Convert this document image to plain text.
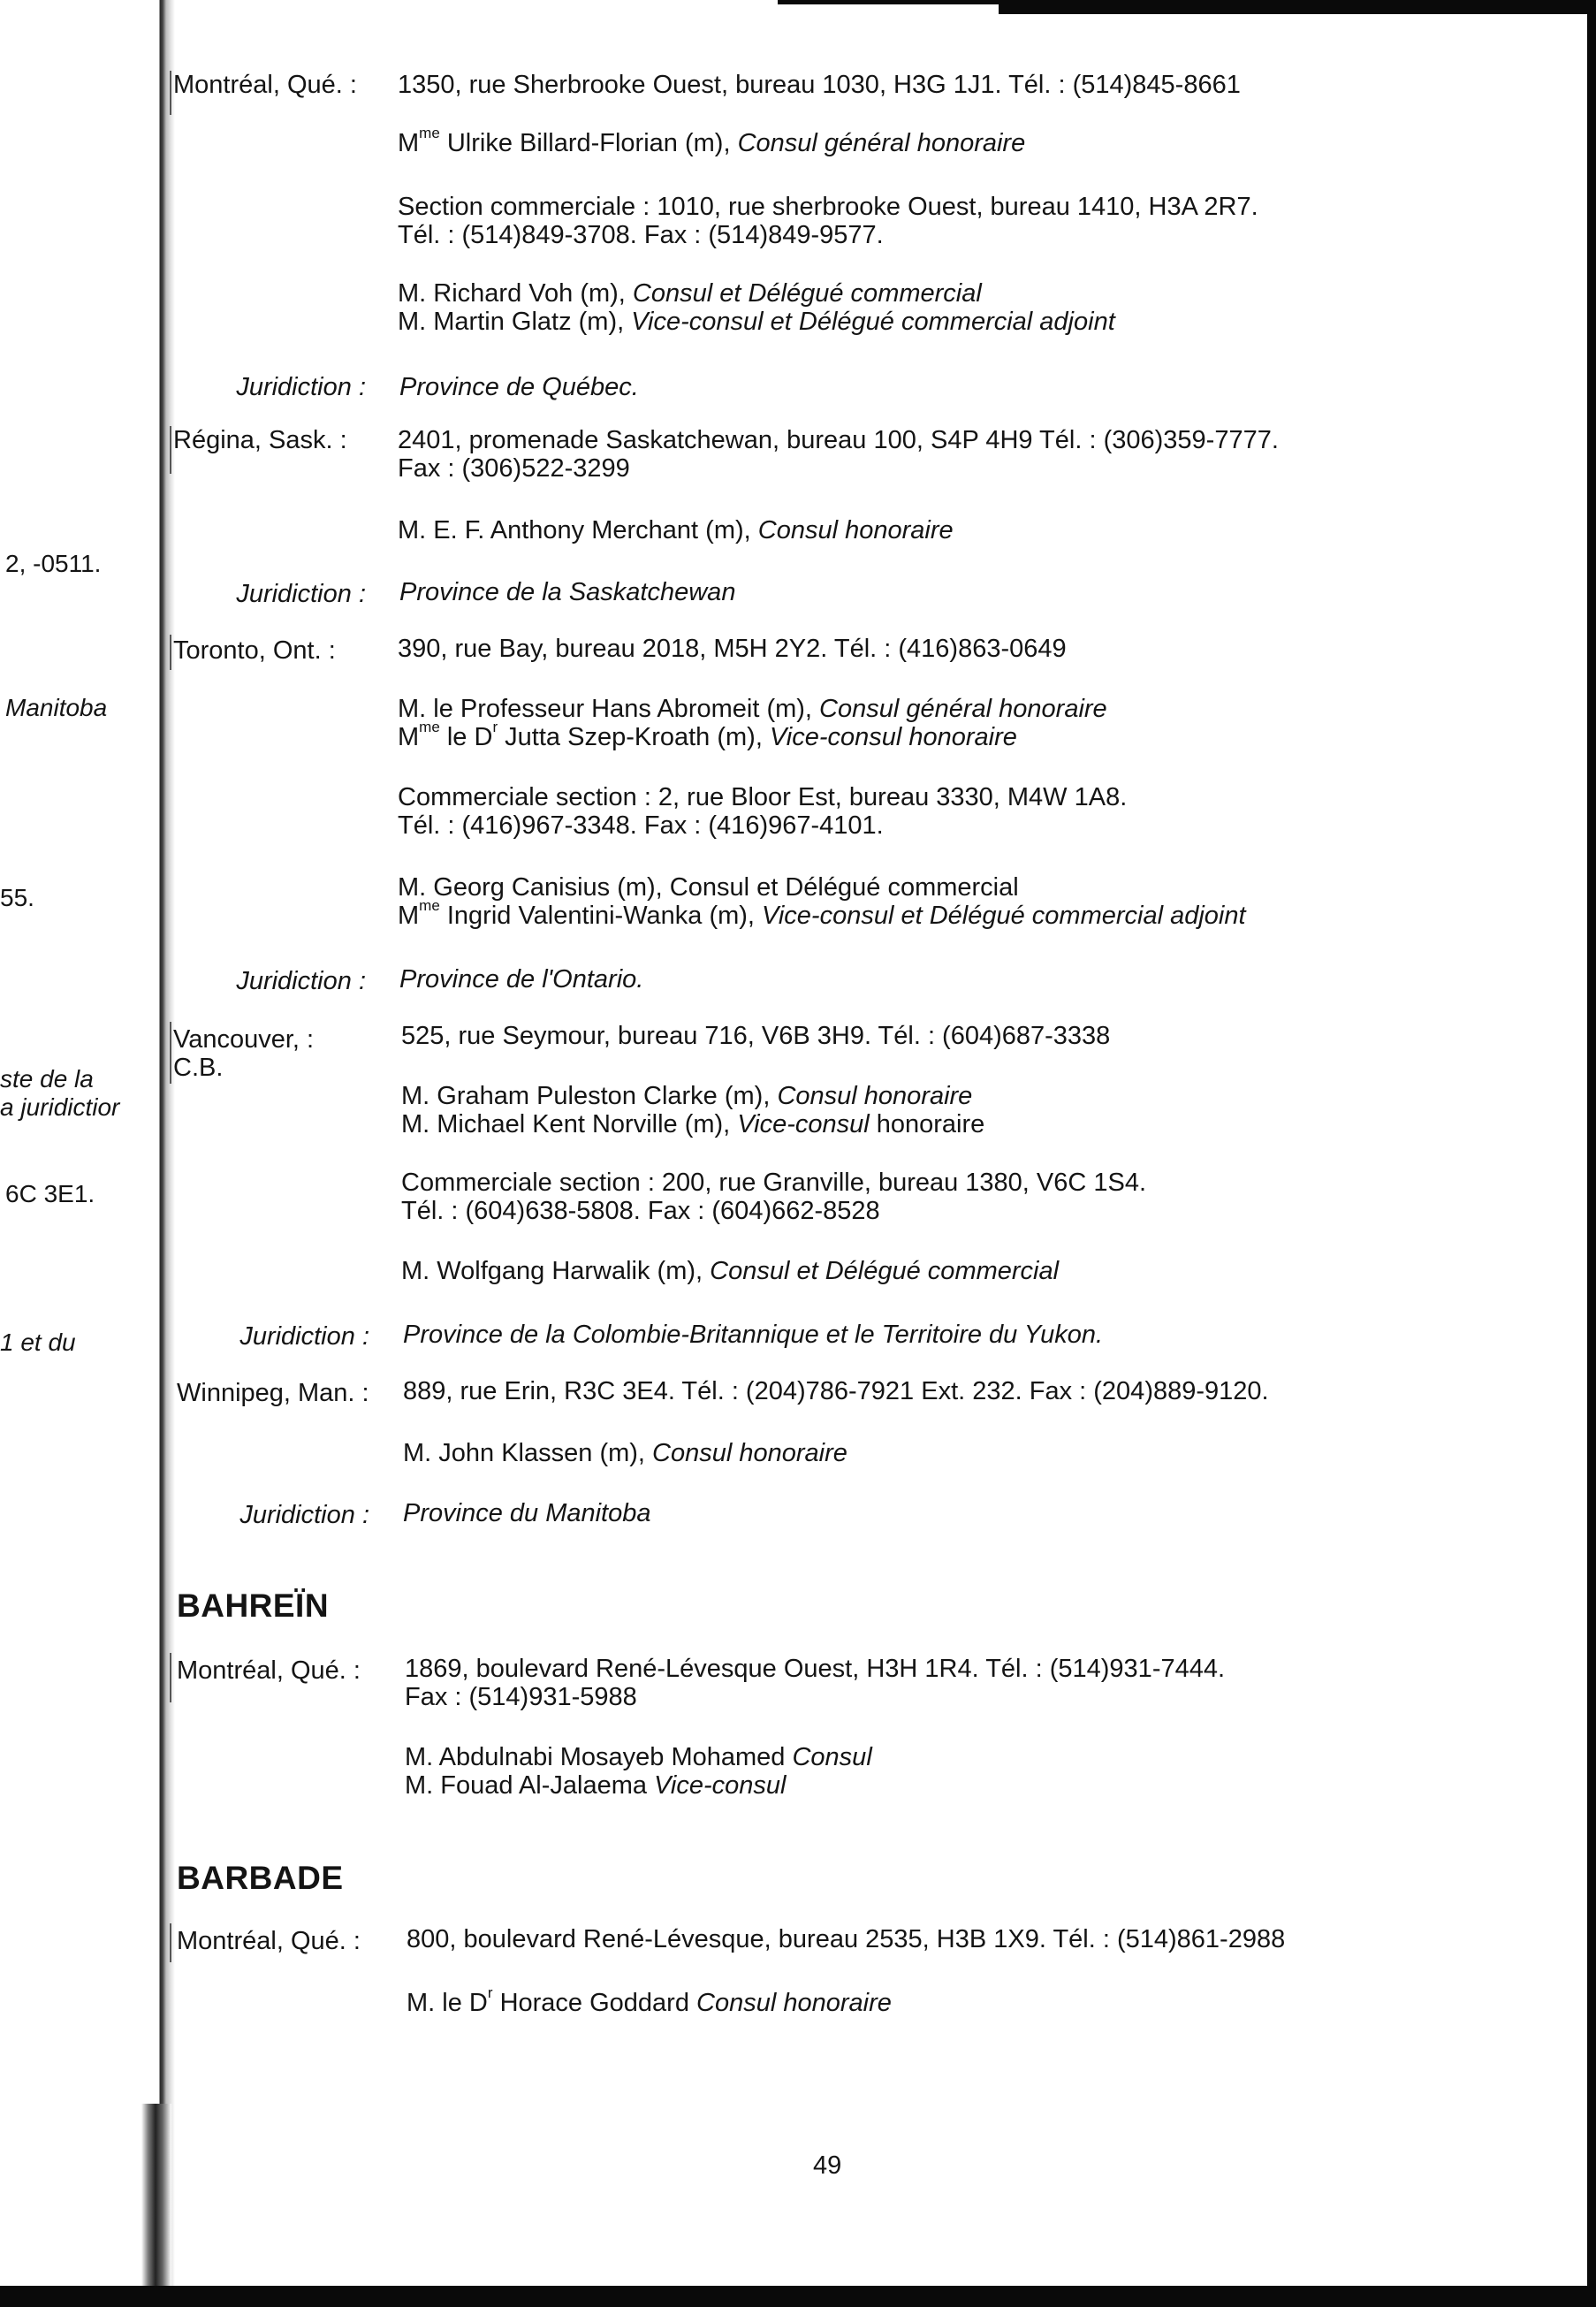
2, -0511.
Manitoba
55.
ste de la
a juridictior
6C 3E1.
1 et du
Montréal, Qué. : 1350, rue Sherbrooke Ouest, bureau 1030, H3G 1J1. Tél. : (514)845-8661
$M^{me}$ Ulrike Billard-Florian (m), Consul général honoraire
Section commerciale : 1010, rue sherbrooke Ouest, bureau 1410, H3A 2R7.
Tél. : (514)849-3708. Fax : (514)849-9577.
M. Richard Voh (m), Consul et Délégué commercial
M. Martin Glatz (m), Vice-consul et Délégué commercial adjoint
Juridiction : Province de Québec.
Régina, Sask. : 2401, promenade Saskatchewan, bureau 100, S4P 4H9 Tél. : (306)359-7777.
Fax : (306)522-3299
M. E. F. Anthony Merchant (m), Consul honoraire
Juridiction : Province de la Saskatchewan
Toronto, Ont. : 390, rue Bay, bureau 2018, M5H 2Y2. Tél. : (416)863-0649
M. le Professeur Hans Abromeit (m), Consul général honoraire
$M^{me}$ le $D^r$ Jutta Szep-Kroath (m), Vice-consul honoraire
Commerciale section : 2, rue Bloor Est, bureau 3330, M4W 1A8.
Tél. : (416)967-3348. Fax : (416)967-4101.
M. Georg Canisius (m), Consul et Délégué commercial
$M^{me}$ Ingrid Valentini-Wanka (m), Vice-consul et Délégué commercial adjoint
Juridiction : Province de l'Ontario.
Vancouver, :
C.B.
525, rue Seymour, bureau 716, V6B 3H9. Tél. : (604)687-3338
M. Graham Puleston Clarke (m), Consul honoraire
M. Michael Kent Norville (m), Vice-consul honoraire
Commerciale section : 200, rue Granville, bureau 1380, V6C 1S4.
Tél. : (604)638-5808. Fax : (604)662-8528
M. Wolfgang Harwalik (m), Consul et Délégué commercial
Juridiction : Province de la Colombie-Britannique et le Territoire du Yukon.
Winnipeg, Man. : 889, rue Erin, R3C 3E4. Tél. : (204)786-7921 Ext. 232. Fax : (204)889-9120.
M. John Klassen (m), Consul honoraire
Juridiction : Province du Manitoba
BAHREÏN
Montréal, Qué. : 1869, boulevard René-Lévesque Ouest, H3H 1R4. Tél. : (514)931-7444.
Fax : (514)931-5988
M. Abdulnabi Mosayeb Mohamed Consul
M. Fouad Al-Jalaema Vice-consul
BARBADE
Montréal, Qué. : 800, boulevard René-Lévesque, bureau 2535, H3B 1X9. Tél. : (514)861-2988
M. le $D^r$ Horace Goddard Consul honoraire
49
